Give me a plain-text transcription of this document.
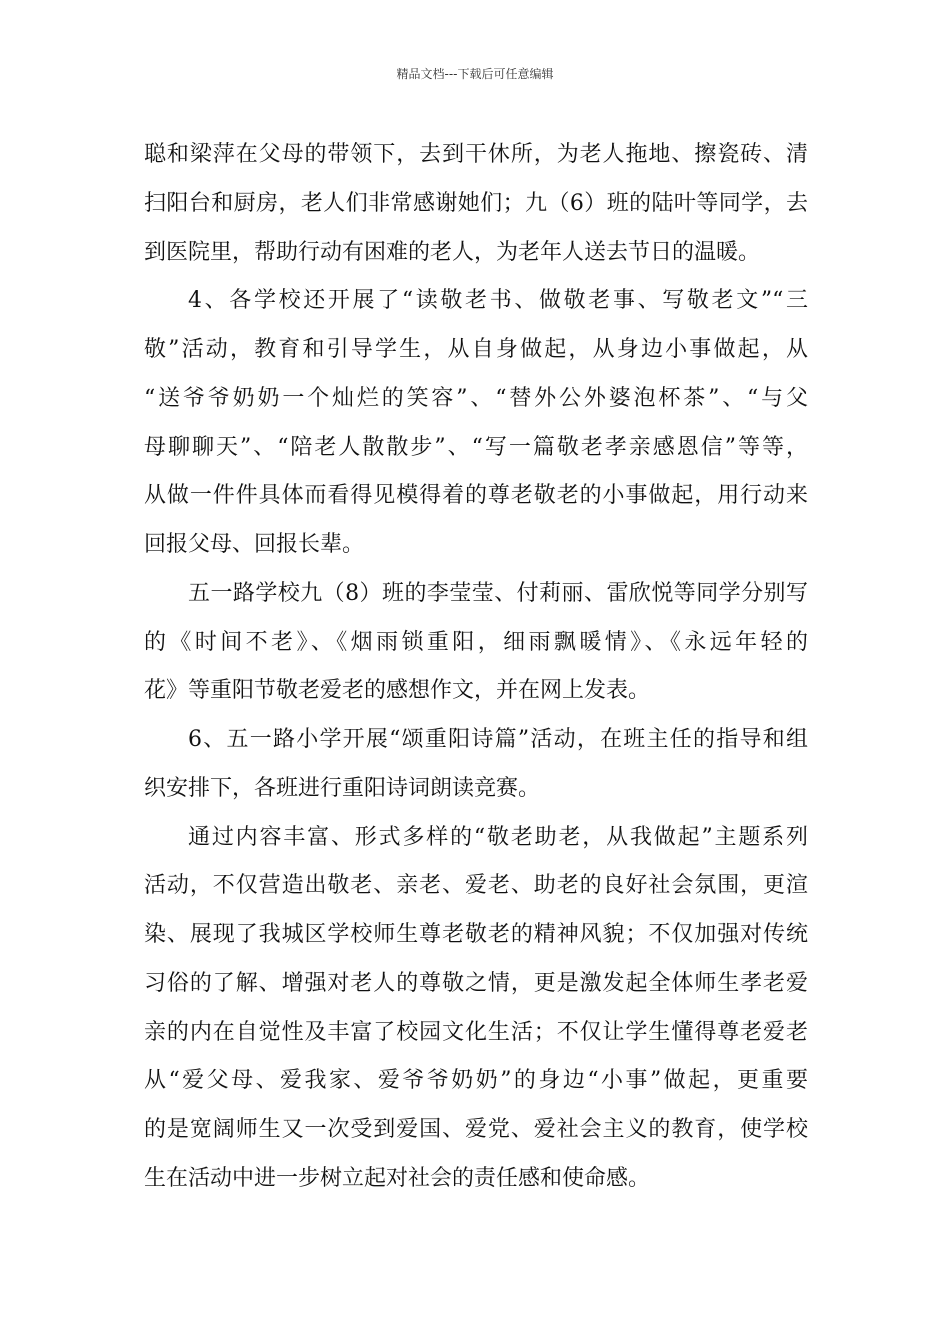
精品文档---下载后可任意编辑
聪和梁萍在父母的带领下，去到干休所，为老人拖地、擦瓷砖、清
扫阳台和厨房，老人们非常感谢她们；九（6）班的陆叶等同学，去
到医院里，帮助行动有困难的老人，为老年人送去节日的温暖。
4、各学校还开展了“读敬老书、做敬老事、写敬老文”“三
敬”活动，教育和引导学生，从自身做起，从身边小事做起，从
“送爷爷奶奶一个灿烂的笑容”、“替外公外婆泡杯茶”、“与父
母聊聊天”、“陪老人散散步”、“写一篇敬老孝亲感恩信”等等，
从做一件件具体而看得见模得着的尊老敬老的小事做起，用行动来
回报父母、回报长辈。
五一路学校九（8）班的李莹莹、付莉丽、雷欣悦等同学分别写
的《时间不老》、《烟雨锁重阳，细雨飘暖情》、《永远年轻的
花》等重阳节敬老爱老的感想作文，并在网上发表。
6、五一路小学开展“颂重阳诗篇”活动，在班主任的指导和组
织安排下，各班进行重阳诗词朗读竞赛。
通过内容丰富、形式多样的“敬老助老，从我做起”主题系列
活动，不仅营造出敬老、亲老、爱老、助老的良好社会氛围，更渲
染、展现了我城区学校师生尊老敬老的精神风貌；不仅加强对传统
习俗的了解、增强对老人的尊敬之情，更是激发起全体师生孝老爱
亲的内在自觉性及丰富了校园文化生活；不仅让学生懂得尊老爱老
从“爱父母、爱我家、爱爷爷奶奶”的身边“小事”做起，更重要
的是宽阔师生又一次受到爱国、爱党、爱社会主义的教育，使学校
生在活动中进一步树立起对社会的责任感和使命感。
